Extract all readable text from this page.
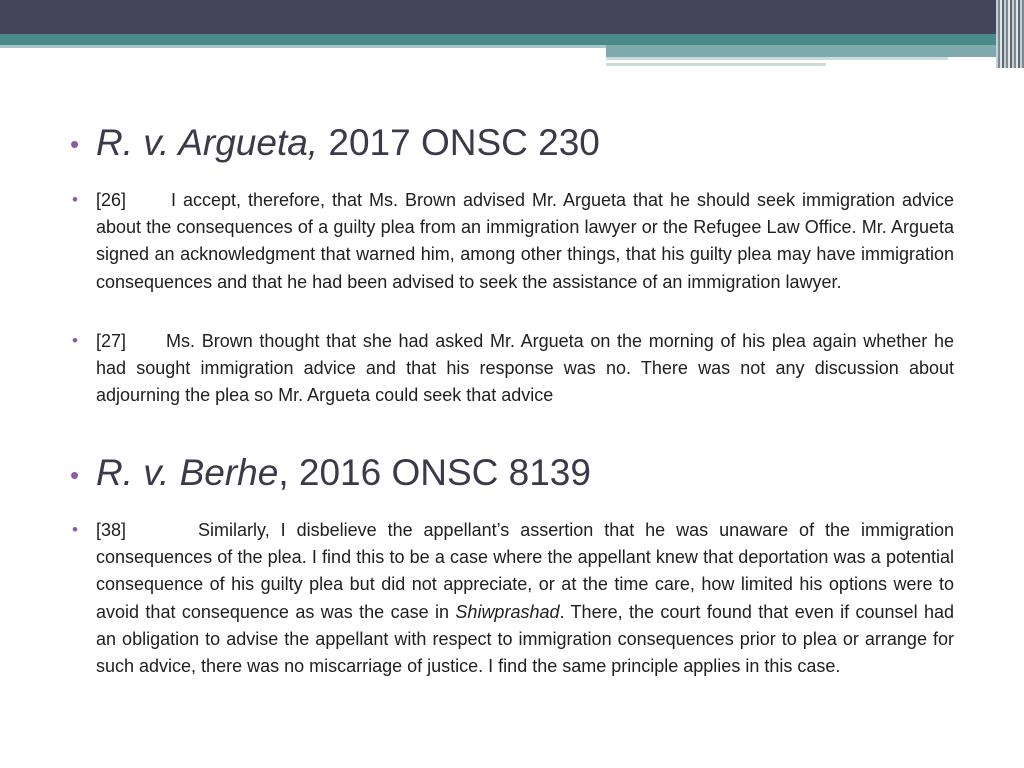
• R. v. Argueta, 2017 ONSC 230
• [26]	I accept, therefore, that Ms. Brown advised Mr. Argueta that he should seek immigration advice about the consequences of a guilty plea from an immigration lawyer or the Refugee Law Office. Mr. Argueta signed an acknowledgment that warned him, among other things, that his guilty plea may have immigration consequences and that he had been advised to seek the assistance of an immigration lawyer.
• [27] Ms. Brown thought that she had asked Mr. Argueta on the morning of his plea again whether he had sought immigration advice and that his response was no. There was not any discussion about adjourning the plea so Mr. Argueta could seek that advice
• R. v. Berhe, 2016 ONSC 8139
• [38]	Similarly, I disbelieve the appellant’s assertion that he was unaware of the immigration consequences of the plea. I find this to be a case where the appellant knew that deportation was a potential consequence of his guilty plea but did not appreciate, or at the time care, how limited his options were to avoid that consequence as was the case in Shiwprashad. There, the court found that even if counsel had an obligation to advise the appellant with respect to immigration consequences prior to plea or arrange for such advice, there was no miscarriage of justice. I find the same principle applies in this case.
